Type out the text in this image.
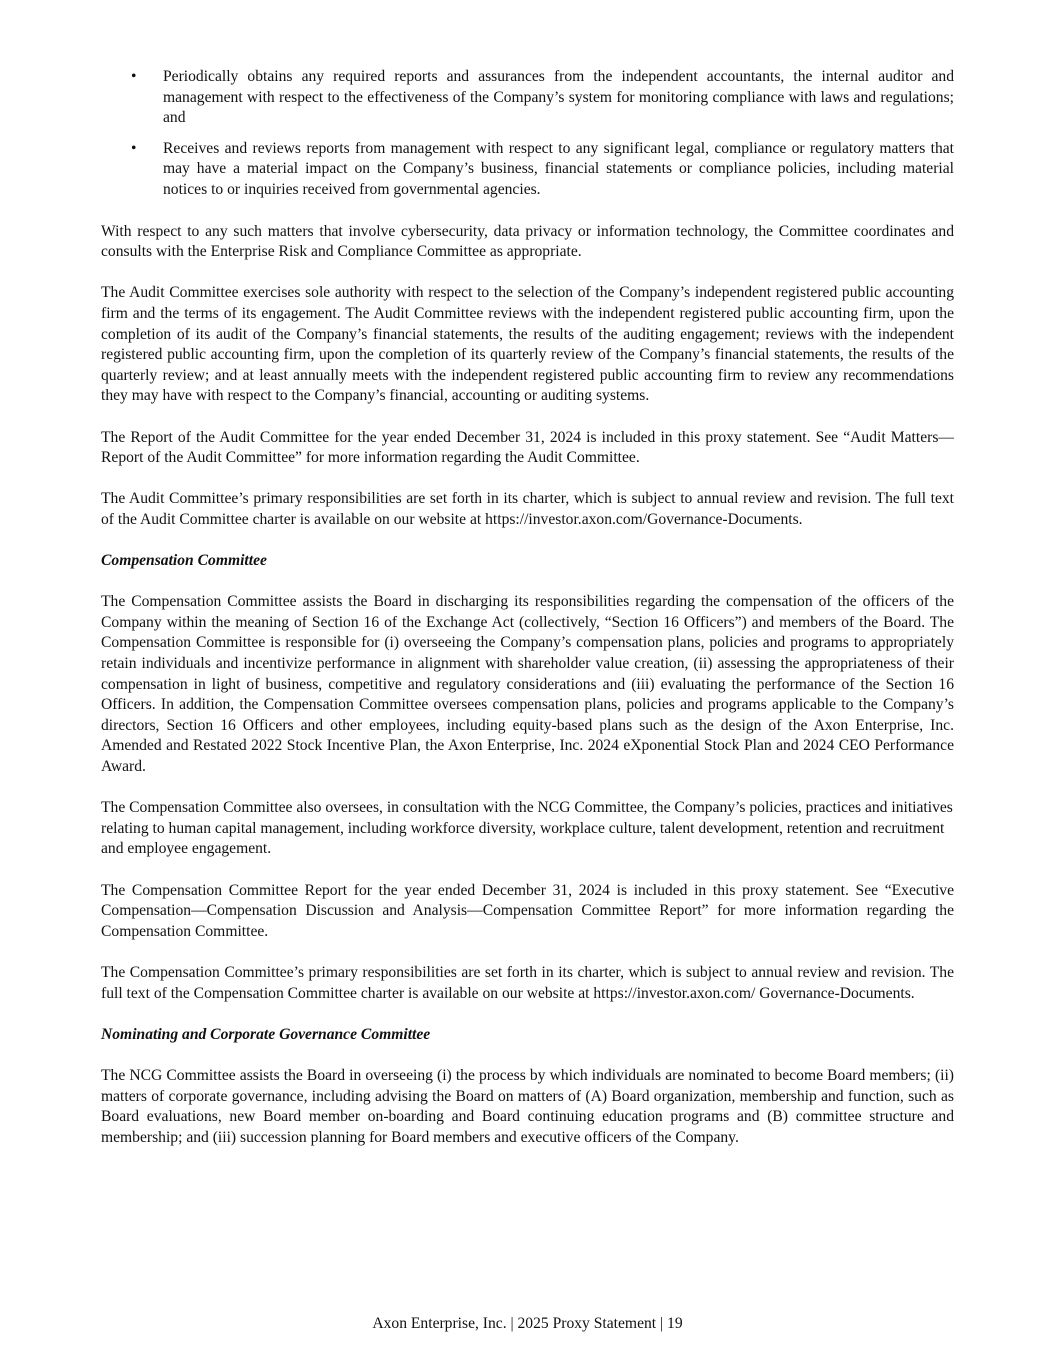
• Periodically obtains any required reports and assurances from the independent accountants, the internal auditor and management with respect to the effectiveness of the Company’s system for monitoring compliance with laws and regulations; and
• Receives and reviews reports from management with respect to any significant legal, compliance or regulatory matters that may have a material impact on the Company’s business, financial statements or compliance policies, including material notices to or inquiries received from governmental agencies.

With respect to any such matters that involve cybersecurity, data privacy or information technology, the Committee coordinates and consults with the Enterprise Risk and Compliance Committee as appropriate.

The Audit Committee exercises sole authority with respect to the selection of the Company’s independent registered public accounting firm and the terms of its engagement. The Audit Committee reviews with the independent registered public accounting firm, upon the completion of its audit of the Company’s financial statements, the results of the auditing engagement; reviews with the independent registered public accounting firm, upon the completion of its quarterly review of the Company’s financial statements, the results of the quarterly review; and at least annually meets with the independent registered public accounting firm to review any recommendations they may have with respect to the Company’s financial, accounting or auditing systems.

The Report of the Audit Committee for the year ended December 31, 2024 is included in this proxy statement. See “Audit Matters—Report of the Audit Committee” for more information regarding the Audit Committee.

The Audit Committee’s primary responsibilities are set forth in its charter, which is subject to annual review and revision. The full text of the Audit Committee charter is available on our website at https://investor.axon.com/Governance-Documents.

Compensation Committee

The Compensation Committee assists the Board in discharging its responsibilities regarding the compensation of the officers of the Company within the meaning of Section 16 of the Exchange Act (collectively, “Section 16 Officers”) and members of the Board. The Compensation Committee is responsible for (i) overseeing the Company’s compensation plans, policies and programs to appropriately retain individuals and incentivize performance in alignment with shareholder value creation, (ii) assessing the appropriateness of their compensation in light of business, competitive and regulatory considerations and (iii) evaluating the performance of the Section 16 Officers. In addition, the Compensation Committee oversees compensation plans, policies and programs applicable to the Company’s directors, Section 16 Officers and other employees, including equity-based plans such as the design of the Axon Enterprise, Inc. Amended and Restated 2022 Stock Incentive Plan, the Axon Enterprise, Inc. 2024 eXponential Stock Plan and 2024 CEO Performance Award.

The Compensation Committee also oversees, in consultation with the NCG Committee, the Company’s policies, practices and initiatives relating to human capital management, including workforce diversity, workplace culture, talent development, retention and recruitment and employee engagement.

The Compensation Committee Report for the year ended December 31, 2024 is included in this proxy statement. See “Executive Compensation—Compensation Discussion and Analysis—Compensation Committee Report” for more information regarding the Compensation Committee.

The Compensation Committee’s primary responsibilities are set forth in its charter, which is subject to annual review and revision. The full text of the Compensation Committee charter is available on our website at https://investor.axon.com/ Governance-Documents.

Nominating and Corporate Governance Committee

The NCG Committee assists the Board in overseeing (i) the process by which individuals are nominated to become Board members; (ii) matters of corporate governance, including advising the Board on matters of (A) Board organization, membership and function, such as Board evaluations, new Board member on-boarding and Board continuing education programs and (B) committee structure and membership; and (iii) succession planning for Board members and executive officers of the Company.

Axon Enterprise, Inc. | 2025 Proxy Statement | 19
